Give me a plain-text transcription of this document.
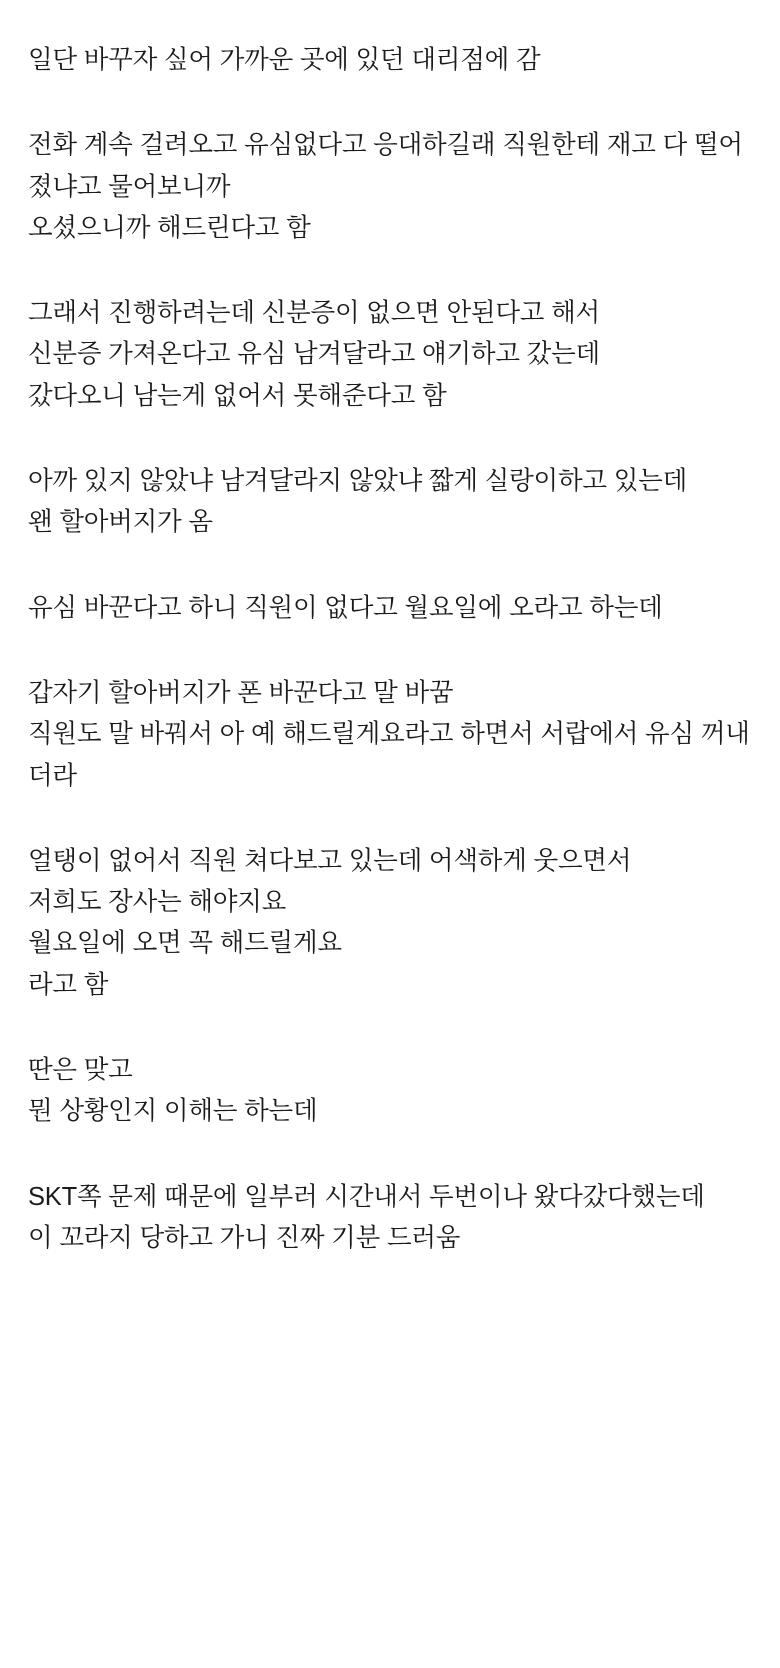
일단 바꾸자 싶어 가까운 곳에 있던 대리점에 감
전화 계속 걸려오고 유심없다고 응대하길래 직원한테 재고 다 떨어졌냐고 물어보니까
오셨으니까 해드린다고 함
그래서 진행하려는데 신분증이 없으면 안된다고 해서
신분증 가져온다고 유심 남겨달라고 얘기하고 갔는데
갔다오니 남는게 없어서 못해준다고 함
아까 있지 않았냐 남겨달라지 않았냐 짧게 실랑이하고 있는데
왠 할아버지가 옴
유심 바꾼다고 하니 직원이 없다고 월요일에 오라고 하는데
갑자기 할아버지가 폰 바꾼다고 말 바꿈
직원도 말 바꿔서 아 예 해드릴게요라고 하면서 서랍에서 유심 꺼내더라
얼탱이 없어서 직원 쳐다보고 있는데 어색하게 웃으면서
저희도 장사는 해야지요
월요일에 오면 꼭 해드릴게요
라고 함
딴은 맞고
뭔 상황인지 이해는 하는데
SKT쪽 문제 때문에 일부러 시간내서 두번이나 왔다갔다했는데
이 꼬라지 당하고 가니 진짜 기분 드러움
